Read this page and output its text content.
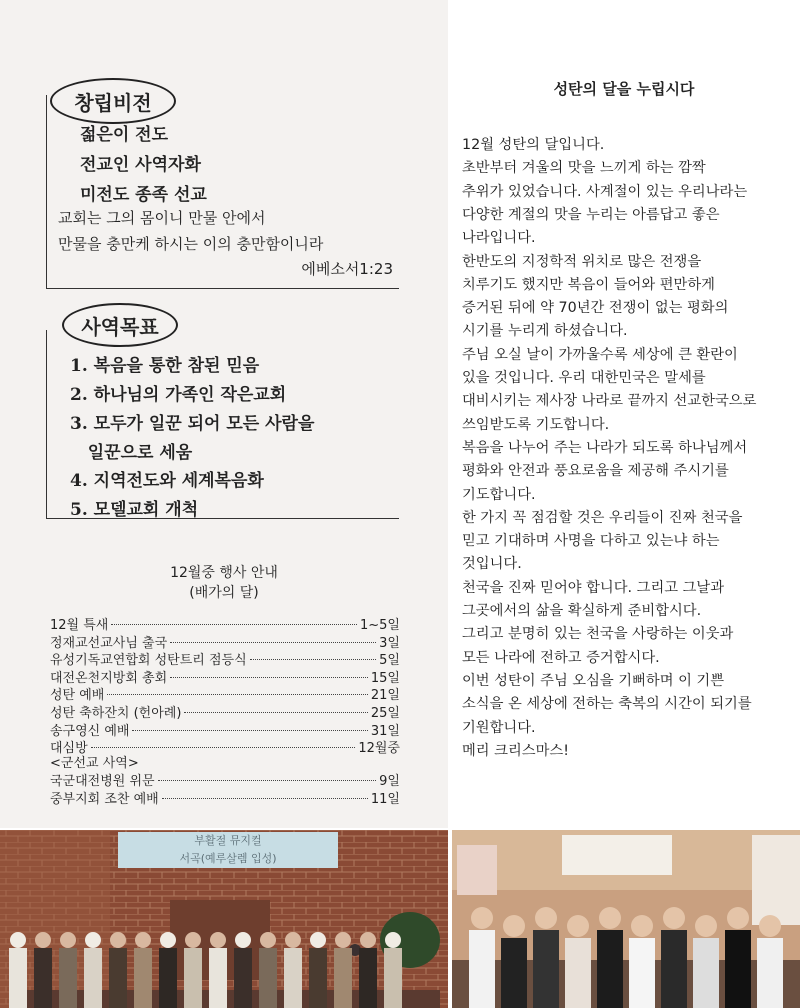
창립비전
젊은이 전도
전교인 사역자화
미전도 종족 선교
교회는 그의 몸이니 만물 안에서
만물을 충만케 하시는 이의 충만함이니라
에베소서1:23
사역목표
1. 복음을 통한 참된 믿음
2. 하나님의 가족인 작은교회
3. 모두가 일꾼 되어 모든 사람을
일꾼으로 세움
4. 지역전도와 세계복음화
5. 모델교회 개척
12월중 행사 안내
(배가의 달)
12월 특새	1~5일
정재교선교사님 출국	3일
유성기독교연합회 성탄트리 점등식	5일
대전온천지방회 총회	15일
성탄 예배	21일
성탄 축하잔치 (헌아례)	25일
송구영신 예배	31일
대심방	12월중
<군선교 사역>
국군대전병원 위문	9일
중부지회 조찬 예배	11일
성탄의 달을 누립시다
12월 성탄의 달입니다.
초반부터 겨울의 맛을 느끼게 하는 깜짝
추위가 있었습니다. 사계절이 있는 우리나라는
다양한 계절의 맛을 누리는 아름답고 좋은
나라입니다.
한반도의 지정학적 위치로 많은 전쟁을
치루기도 했지만 복음이 들어와 편만하게
증거된 뒤에 약 70년간 전쟁이 없는 평화의
시기를 누리게 하셨습니다.
주님 오실 날이 가까울수록 세상에 큰 환란이
있을 것입니다. 우리 대한민국은 말세를
대비시키는 제사장 나라로 끝까지 선교한국으로
쓰임받도록 기도합니다.
복음을 나누어 주는 나라가 되도록 하나님께서
평화와 안전과 풍요로움을 제공해 주시기를
기도합니다.
한 가지 꼭 점검할 것은 우리들이 진짜 천국을
믿고 기대하며 사명을 다하고 있는냐 하는
것입니다.
천국을 진짜 믿어야 합니다. 그리고 그날과
그곳에서의 삶을 확실하게 준비합시다.
그리고 분명히 있는 천국을 사랑하는 이웃과
모든 나라에 전하고 증거합시다.
이번 성탄이 주님 오심을 기뻐하며 이 기쁜
소식을 온 세상에 전하는 축복의 시간이 되기를
기원합니다.
메리 크리스마스!
부활절 뮤지컬
서곡(예루살렘 입성)
